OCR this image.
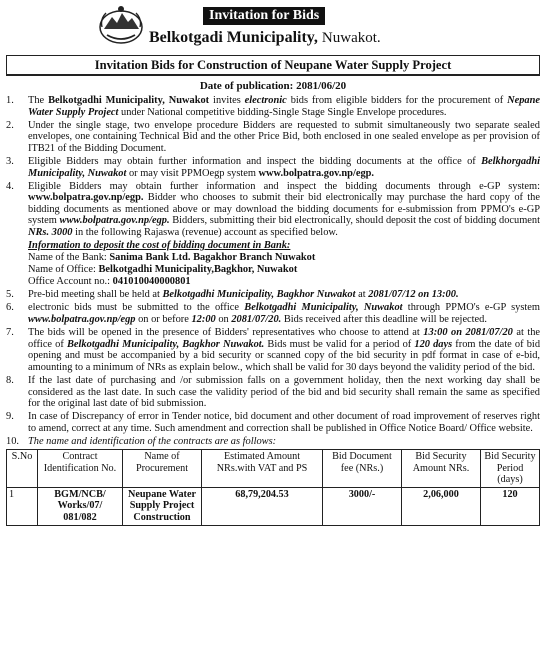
Invitation for Bids
Belkotgadi Municipality, Nuwakot.
Invitation Bids for Construction of Neupane Water Supply Project
Date of publication: 2081/06/20
1.	The Belkotgadhi Municipality, Nuwakot invites electronic bids from eligible bidders for the procurement of Nepane Water Supply Project under National competitive bidding-Single Stage Single Envelope procedures.
2.	Under the single stage, two envelope procedure Bidders are requested to submit simultaneously two separate sealed envelopes, one containing Technical Bid and the other Price Bid, both enclosed in one sealed envelope as per provision of ITB21 of the Bidding Document.
3.	Eligible Bidders may obtain further information and inspect the bidding documents at the office of Belkhorgadhi Municipality, Nuwakot or may visit PPMOegp system www.bolpatra.gov.np/egp.
4.	Eligible Bidders may obtain further information and inspect the bidding documents through e-GP system: www.bolpatra.gov.np/egp. Bidder who chooses to submit their bid electronically may purchase the hard copy of the bidding documents as mentioned above or may download the bidding documents for e-submission from PPMO's e-GP system www.bolpatra.gov.np/egp. Bidders, submitting their bid electronically, should deposit the cost of bidding document NRs. 3000 in the following Rajaswa (revenue) account as specified below.
Information to deposit the cost of bidding document in Bank:
Name of the Bank: Sanima Bank Ltd. Bagakhor Branch Nuwakot
Name of Office: Belkotgadhi Municipality,Bagkhor, Nuwakot
Office Account no.: 041010040000801
5.	Pre-bid meeting shall be held at Belkotgadhi Municipality, Bagkhor Nuwakot at 2081/07/12 on 13:00.
6.	electronic bids must be submitted to the office Belkotgadhi Municipality, Nuwakot through PPMO's e-GP system www.bolpatra.gov.np/egp on or before 12:00 on 2081/07/20. Bids received after this deadline will be rejected.
7.	The bids will be opened in the presence of Bidders' representatives who choose to attend at 13:00 on 2081/07/20 at the office of Belkotgadhi Municipality, Bagkhor Nuwakot. Bids must be valid for a period of 120 days from the date of bid opening and must be accompanied by a bid security or scanned copy of the bid security in pdf format in case of e-bid, amounting to a minimum of NRs as explain below., which shall be valid for 30 days beyond the validity period of the bid.
8.	If the last date of purchasing and /or submission falls on a government holiday, then the next working day shall be considered as the last date. In such case the validity period of the bid and bid security shall remain the same as specified for the original last date of bid submission.
9.	In case of Discrepancy of error in Tender notice, bid document and other document of road improvement of reserves right to amend, correct at any time. Such amendment and correction shall be published in Office Notice Board/ Office website.
10. The name and identification of the contracts are as follows:
S.No	Contract Identification No.	Name of Procurement	Estimated Amount NRs.with VAT and PS	Bid Document fee (NRs.)	Bid Security Amount NRs.	Bid Security Period (days)
1	BGM/NCB/ Works/07/ 081/082	Neupane Water Supply Project Construction	68,79,204.53	3000/-	2,06,000	120
